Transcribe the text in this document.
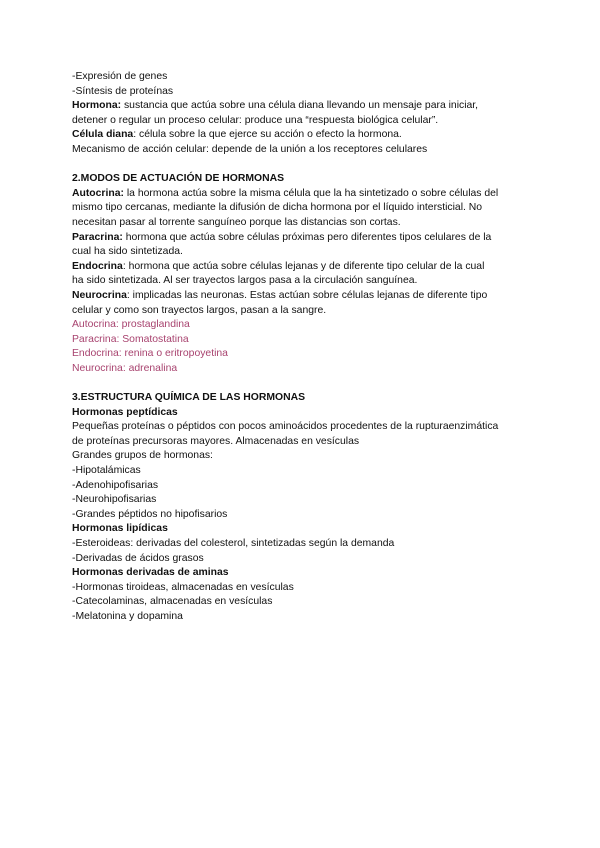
-Expresión de genes
-Síntesis de proteínas
Hormona: sustancia que actúa sobre una célula diana llevando un mensaje para iniciar,
detener o regular un proceso celular: produce una “respuesta biológica celular”.
Célula diana: célula sobre la que ejerce su acción o efecto la hormona.
Mecanismo de acción celular: depende de la unión a los receptores celulares
2.MODOS DE ACTUACIÓN DE HORMONAS
Autocrina: la hormona actúa sobre la misma célula que la ha sintetizado o sobre células del
mismo tipo cercanas, mediante la difusión de dicha hormona por el líquido intersticial. No
necesitan pasar al torrente sanguíneo porque las distancias son cortas.
Paracrina: hormona que actúa sobre células próximas pero diferentes tipos celulares de la
cual ha sido sintetizada.
Endocrina: hormona que actúa sobre células lejanas y de diferente tipo celular de la cual
ha sido sintetizada. Al ser trayectos largos pasa a la circulación sanguínea.
Neurocrina: implicadas las neuronas. Estas actúan sobre células lejanas de diferente tipo
celular y como son trayectos largos, pasan a la sangre.
Autocrina: prostaglandina
Paracrina: Somatostatina
Endocrina: renina o eritropoyetina
Neurocrina: adrenalina
3.ESTRUCTURA QUÍMICA DE LAS HORMONAS
Hormonas peptídicas
Pequeñas proteínas o péptidos con pocos aminoácidos procedentes de la rupturaenzimática
de proteínas precursoras mayores. Almacenadas en vesículas
Grandes grupos de hormonas:
-Hipotalámicas
-Adenohipofisarias
-Neurohipofisarias
-Grandes péptidos no hipofisarios
Hormonas lipídicas
-Esteroideas: derivadas del colesterol, sintetizadas según la demanda
-Derivadas de ácidos grasos
Hormonas derivadas de aminas
-Hormonas tiroideas, almacenadas en vesículas
-Catecolaminas, almacenadas en vesículas
-Melatonina y dopamina
